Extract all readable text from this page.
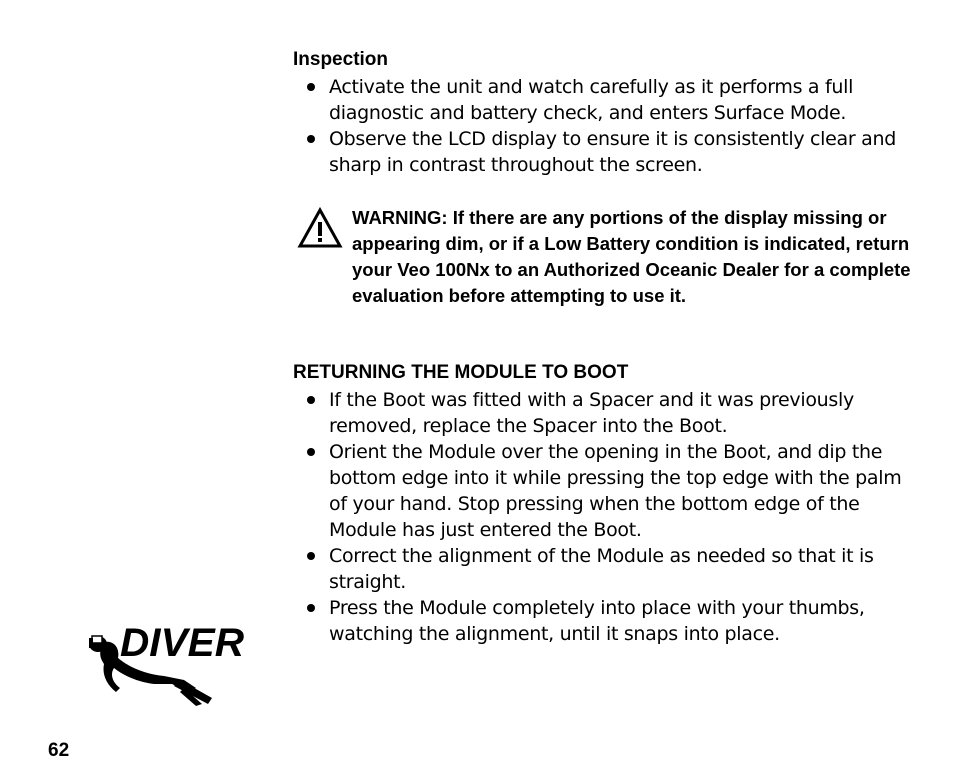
Inspection
Activate the unit and watch carefully as it performs a full diagnostic and battery check, and enters Surface Mode.
Observe the LCD display to ensure it is consistently clear and sharp in contrast throughout the screen.

WARNING: If there are any portions of the display missing or appearing dim, or if a Low Battery condition is indicated, return your Veo 100Nx to an Authorized Oceanic Dealer for a complete evaluation before attempting to use it.

RETURNING THE MODULE TO BOOT
If the Boot was fitted with a Spacer and it was previously removed, replace the Spacer into the Boot.
Orient the Module over the opening in the Boot, and dip the bottom edge into it while pressing the top edge with the palm of your hand. Stop pressing when the bottom edge of the Module has just entered the Boot.
Correct the alignment of the Module as needed so that it is straight.
Press the Module completely into place with your thumbs, watching the alignment, until it snaps into place.
DIVER

62
